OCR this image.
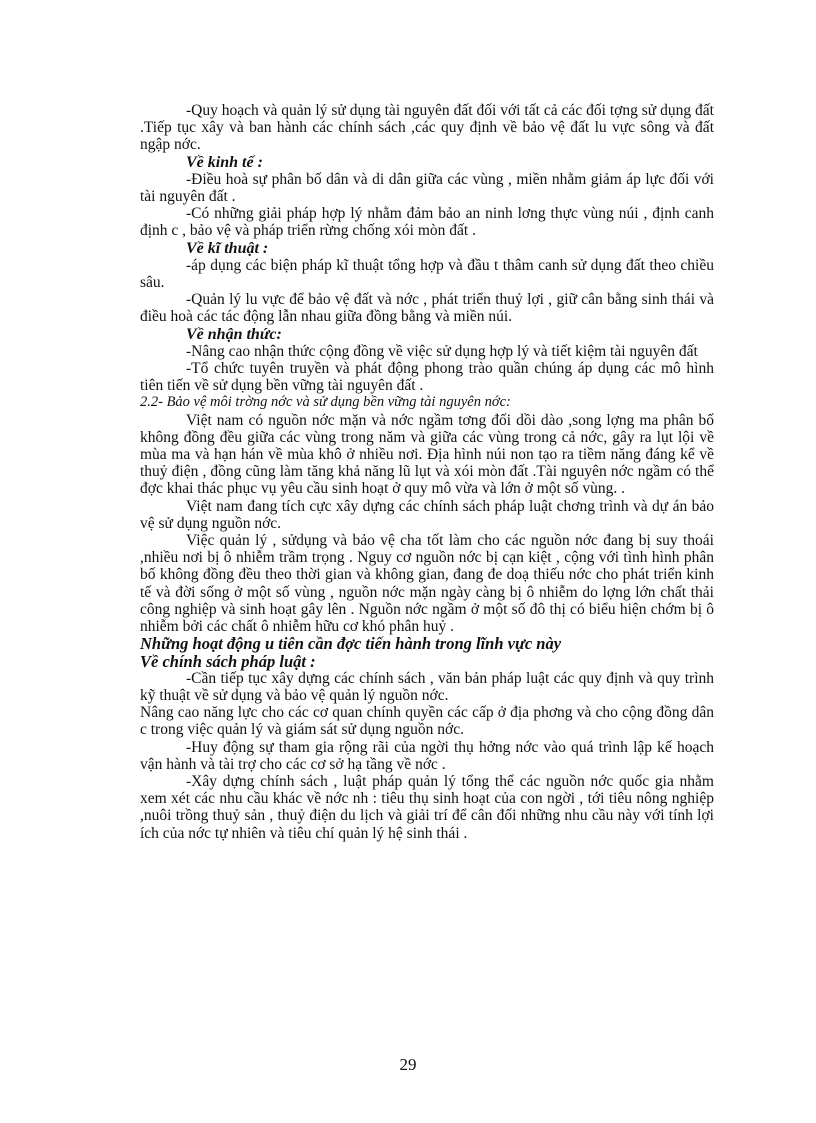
-Quy hoạch và quản lý sử dụng tài nguyên đất đối với tất cả các đối tợng sử dụng đất .Tiếp tục xây và ban hành các chính sách ,các quy định về bảo vệ đất lu vực sông và đất ngập nớc.

Về kinh tế :

-Điều hoà sự phân bố dân và di dân giữa các vùng , miền nhằm giảm áp lực đối với tài nguyên đất .

-Có những giải pháp hợp lý nhằm đảm bảo an ninh lơng thực vùng núi , định canh định c , bảo vệ và pháp triển rừng chống xói mòn đất .

Về kĩ thuật :

-áp dụng các biện pháp kĩ thuật tổng hợp và đầu t thâm canh sử dụng đất theo chiều sâu.

-Quản lý lu vực để bảo vệ đất và nớc , phát triển thuỷ lợi , giữ cân bằng sinh thái và điều hoà các tác động lẫn nhau giữa đồng bằng và miền núi.

Về nhận thức:

-Nâng cao nhận thức cộng đồng về việc sử dụng hợp lý và tiết kiệm tài nguyên đất

-Tổ chức tuyên truyền và phát động phong trào quần chúng áp dụng các mô hình tiên tiến về sử dụng bền vững tài nguyên đất .

2.2- Bảo vệ môi trờng nớc và sử dụng bền vững tài nguyên nớc:

Việt nam có nguồn nớc mặn và nớc ngầm tơng đối dồi dào ,song lợng ma phân bố không đồng đều giữa các vùng trong năm và giữa các vùng trong cả nớc, gây ra lụt lội về mùa ma và hạn hán về mùa khô ở nhiều nơi. Địa hình núi non tạo ra tiềm năng đáng kể về thuỷ điện , đồng cũng làm tăng khả năng lũ lụt và xói mòn đất .Tài nguyên nớc ngầm có thể đợc khai thác phục vụ yêu cầu sinh hoạt ở quy mô vừa và lớn ở một số vùng. .

Việt nam đang tích cực xây dựng các chính sách pháp luật chơng trình và dự án bảo vệ sử dụng nguồn nớc.

Việc quản lý , sửdụng và bảo vệ cha tốt làm cho các nguồn nớc đang bị suy thoái ,nhiều nơi bị ô nhiễm trầm trọng . Nguy cơ nguồn nớc bị cạn kiệt , cộng với tình hình phân bố không đồng đều theo thời gian và không gian, đang đe doạ thiếu nớc cho phát triển kinh tế và đời sống ở một số vùng , nguồn nớc mặn ngày càng bị ô nhiễm do lợng lớn chất thải công nghiệp và sinh hoạt gây lên . Nguồn nớc ngầm ở một số đô thị có biểu hiện chớm bị ô nhiễm bởi các chất ô nhiễm hữu cơ khó phân huỷ .

Những hoạt động u tiên cần đợc tiến hành trong lĩnh vực này

Về chính sách pháp luật :

-Cần tiếp tục xây dựng các chính sách , văn bản pháp luật các quy định và quy trình kỹ thuật về sử dụng và bảo vệ quản lý nguồn nớc.

Nâng cao năng lực cho các cơ quan chính quyền các cấp ở địa phơng và cho cộng đồng dân c trong việc quản lý và giám sát sử dụng nguồn nớc.

-Huy động sự tham gia rộng rãi của ngời thụ hởng nớc vào quá trình lập kế hoạch vận hành và tài trợ cho các cơ sở hạ tầng về nớc .

-Xây dựng chính sách , luật pháp quản lý tổng thể các nguồn nớc quốc gia nhằm xem xét các nhu cầu khác về nớc nh : tiêu thụ sinh hoạt của con ngời , tới tiêu nông nghiệp ,nuôi trồng thuỷ sản , thuỷ điện du lịch và giải trí để cân đối những nhu cầu này với tính lợi ích của nớc tự nhiên và tiêu chí quản lý hệ sinh thái .

29
